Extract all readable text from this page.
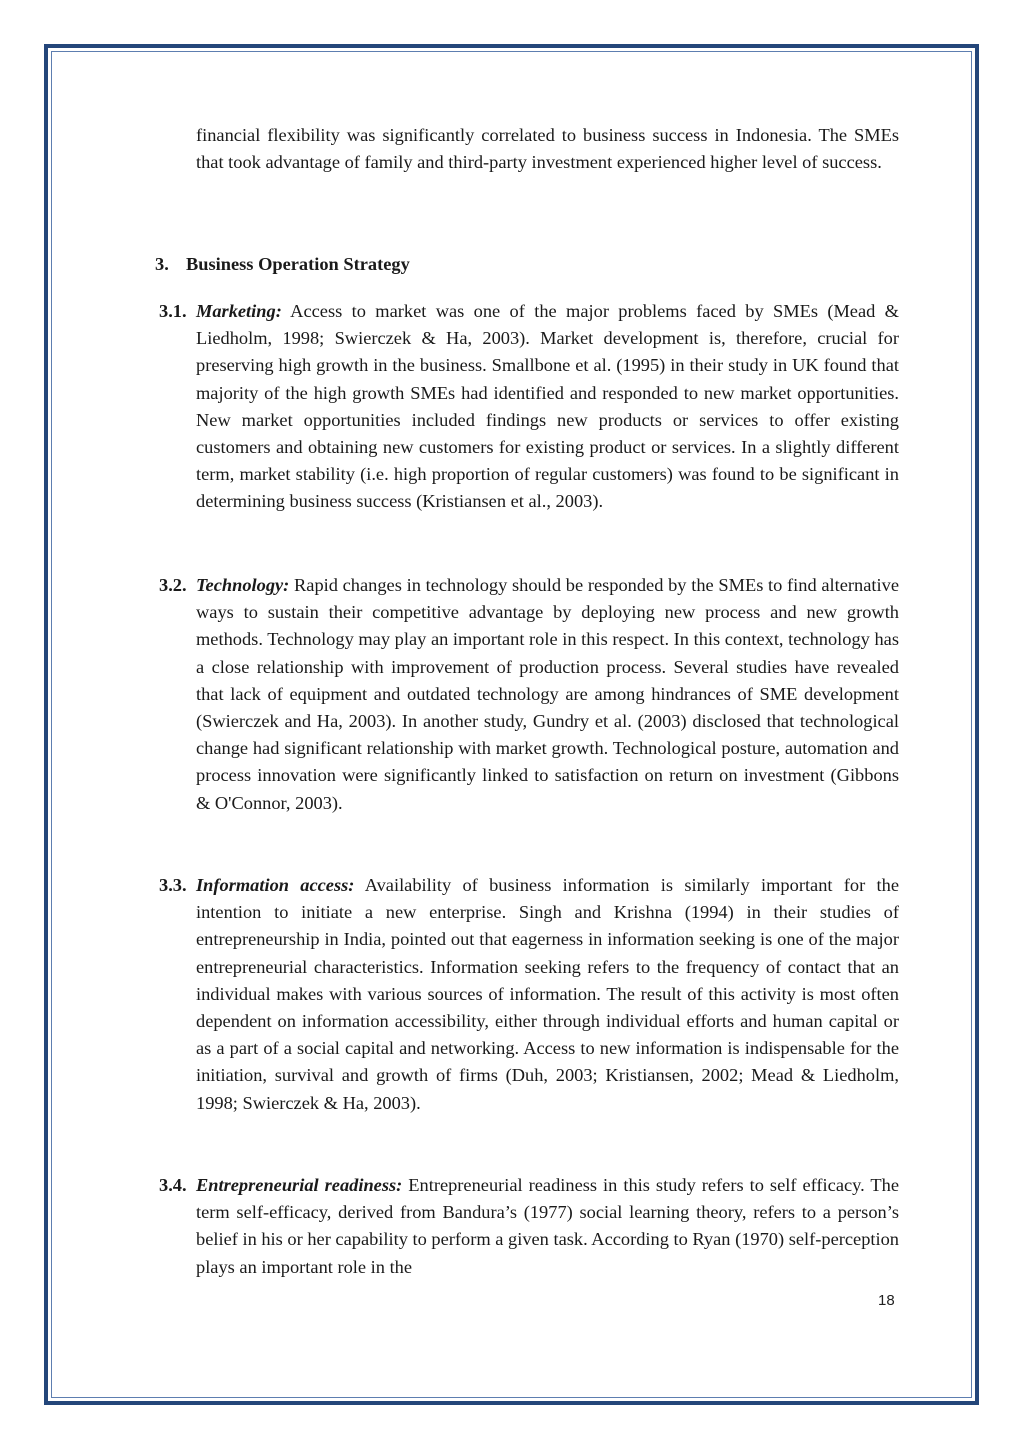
financial flexibility was significantly correlated to business success in Indonesia. The SMEs that took advantage of family and third-party investment experienced higher level of success.

3. Business Operation Strategy

3.1. Marketing: Access to market was one of the major problems faced by SMEs (Mead & Liedholm, 1998; Swierczek & Ha, 2003). Market development is, therefore, crucial for preserving high growth in the business. Smallbone et al. (1995) in their study in UK found that majority of the high growth SMEs had identified and responded to new market opportunities. New market opportunities included findings new products or services to offer existing customers and obtaining new customers for existing product or services. In a slightly different term, market stability (i.e. high proportion of regular customers) was found to be significant in determining business success (Kristiansen et al., 2003).

3.2. Technology: Rapid changes in technology should be responded by the SMEs to find alternative ways to sustain their competitive advantage by deploying new process and new growth methods. Technology may play an important role in this respect. In this context, technology has a close relationship with improvement of production process. Several studies have revealed that lack of equipment and outdated technology are among hindrances of SME development (Swierczek and Ha, 2003). In another study, Gundry et al. (2003) disclosed that technological change had significant relationship with market growth. Technological posture, automation and process innovation were significantly linked to satisfaction on return on investment (Gibbons & O'Connor, 2003).

3.3. Information access: Availability of business information is similarly important for the intention to initiate a new enterprise. Singh and Krishna (1994) in their studies of entrepreneurship in India, pointed out that eagerness in information seeking is one of the major entrepreneurial characteristics. Information seeking refers to the frequency of contact that an individual makes with various sources of information. The result of this activity is most often dependent on information accessibility, either through individual efforts and human capital or as a part of a social capital and networking. Access to new information is indispensable for the initiation, survival and growth of firms (Duh, 2003; Kristiansen, 2002; Mead & Liedholm, 1998; Swierczek & Ha, 2003).

3.4. Entrepreneurial readiness: Entrepreneurial readiness in this study refers to self efficacy. The term self-efficacy, derived from Bandura’s (1977) social learning theory, refers to a person’s belief in his or her capability to perform a given task. According to Ryan (1970) self-perception plays an important role in the

18
